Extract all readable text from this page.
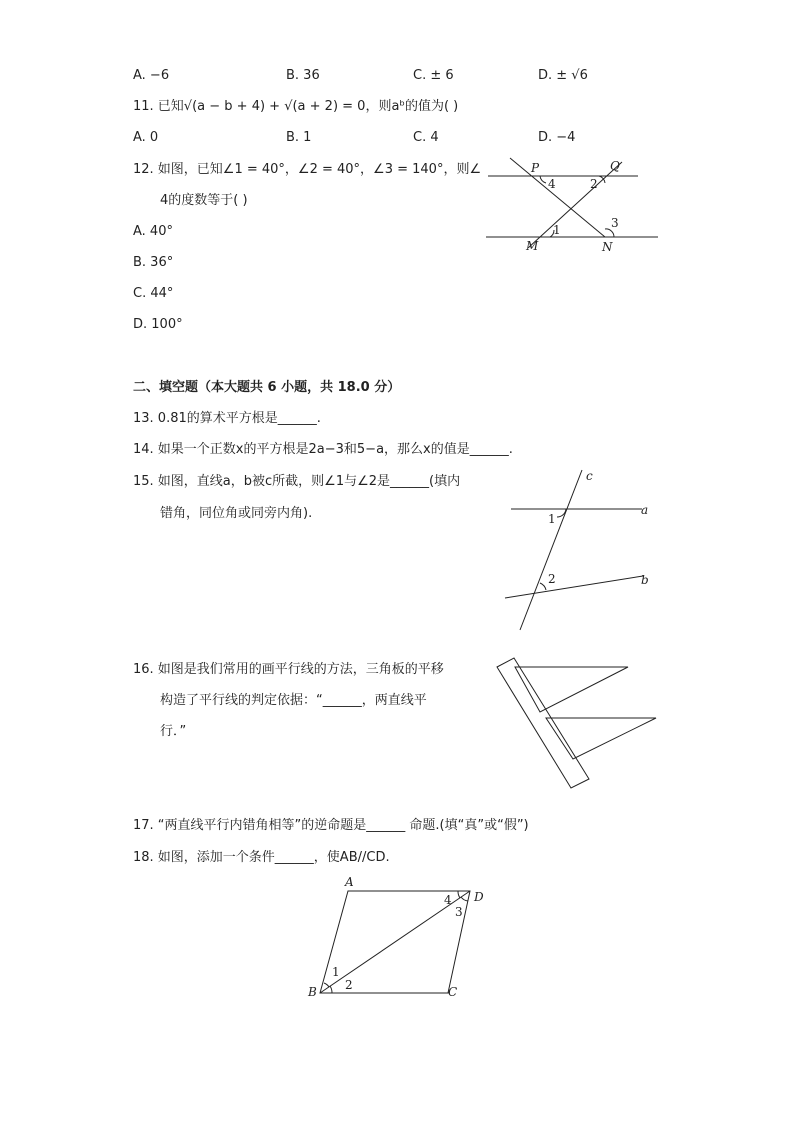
A. −6	B. 36	C. ± 6	D. ± √6
11. 已知√(a − b + 4) + √(a + 2) = 0，则aᵇ的值为( )
A. 0	B. 1	C. 4	D. −4
12. 如图，已知∠1 = 40°，∠2 = 40°，∠3 = 140°，则∠
4的度数等于( )
A. 40°
B. 36°
C. 44°
D. 100°
P	Q
M	N
4	2
1	3
二、填空题（本大题共 6 小题，共 18.0 分）
13. 0.81的算术平方根是______.
14. 如果一个正数x的平方根是2a−3和5−a，那么x的值是______.
15. 如图，直线a，b被c所截，则∠1与∠2是______(填内
错角，同位角或同旁内角).
c
a
b
1
2
16. 如图是我们常用的画平行线的方法，三角板的平移
构造了平行线的判定依据：“______，两直线平
行．”
17. “两直线平行内错角相等”的逆命题是______ 命题.(填“真”或“假”)
18. 如图，添加一个条件______，使AB//CD.
A
D
B	C
4
3
1
2
